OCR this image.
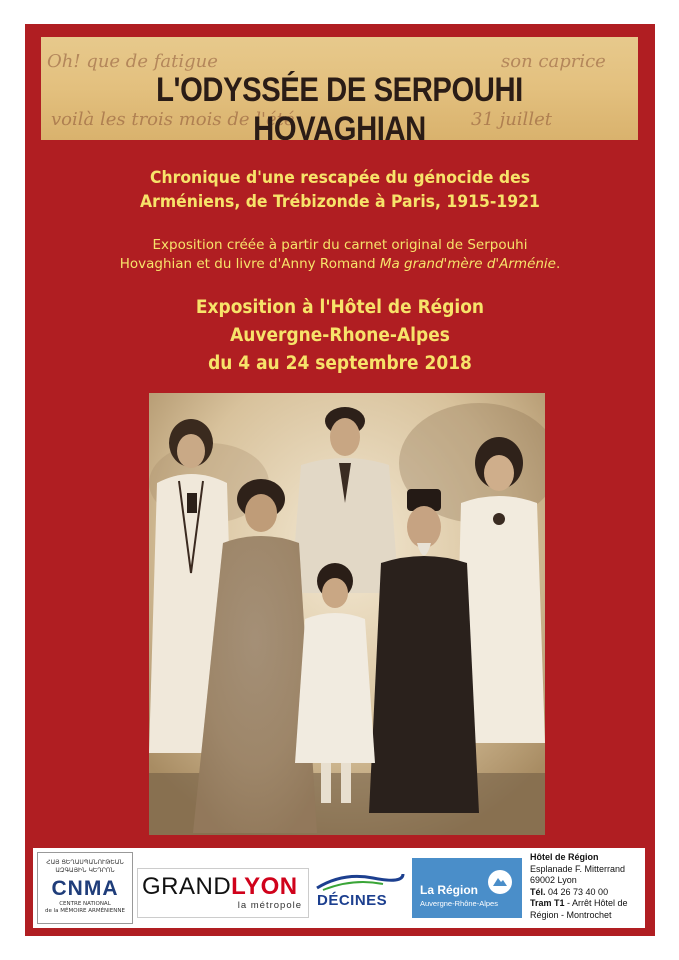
Oh! que de fatigue	son caprice
voilà les trois mois de l'été	31 juillet
L'ODYSSÉE DE SERPOUHI HOVAGHIAN
Chronique d'une rescapée du génocide des
Arméniens, de Trébizonde à Paris, 1915-1921
Exposition créée à partir du carnet original de Serpouhi
Hovaghian et du livre d'Anny Romand Ma grand'mère d'Arménie.
Exposition à l'Hôtel de Région
Auvergne-Rhone-Alpes
du 4 au 24 septembre 2018
ՀԱՅ ՑԵՂԱՍՊԱՆՈՒԹԵԱՆ ԱԶԳԱՅԻՆ ԿԵԴՐՈՆ
CNMA
CENTRE NATIONAL
de la MÉMOIRE ARMÉNIENNE
GRANDLYON
la métropole DÉCINES
La Région
Auvergne-Rhône-Alpes
Hôtel de Région
Esplanade F. Mitterrand
69002 Lyon
Tél. 04 26 73 40 00
Tram T1 - Arrêt Hôtel de Région - Montrochet
